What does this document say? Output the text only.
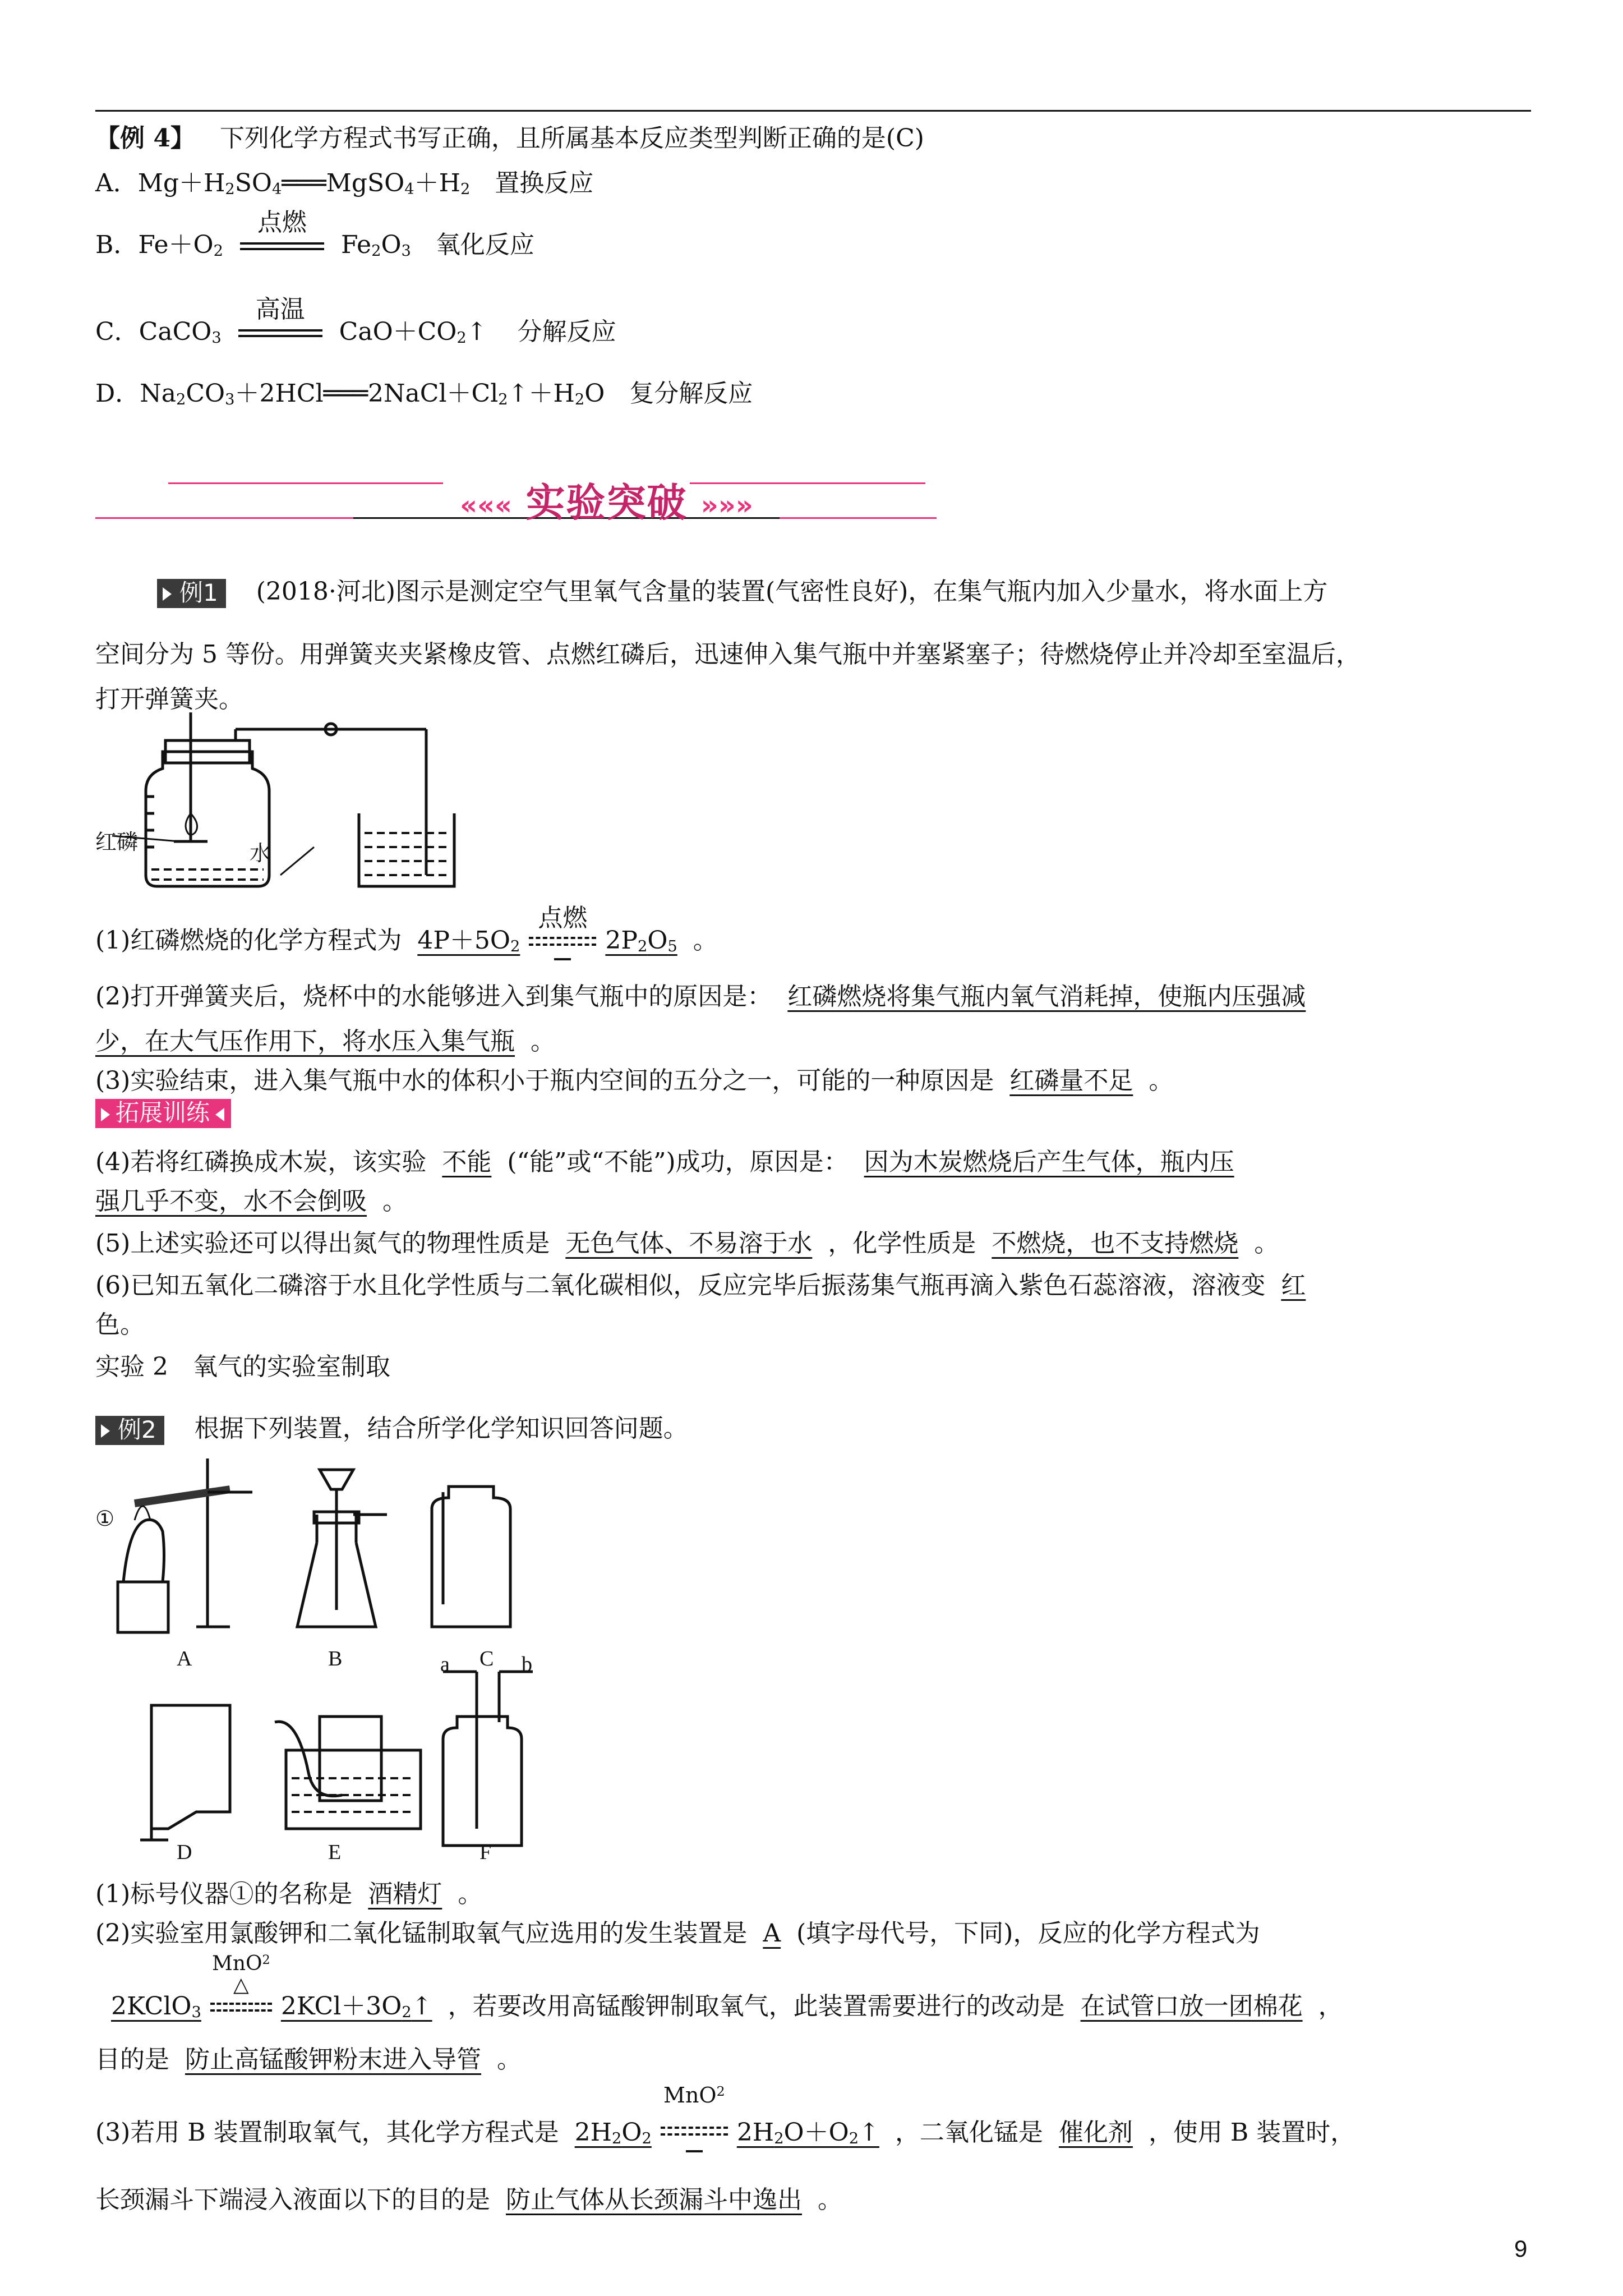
【例 4】 下列化学方程式书写正确，且所属基本反应类型判断正确的是(C)
A．$Mg+H_2SO_4═══MgSO_4+H_2$ 置换反应
B．$Fe+O_2$
点燃
$Fe_2O_3$ 氧化反应
C．CaCO$_3$
高温
$CaO+CO_2↑$ 分解反应
D．$Na_2CO_3+2HCl═══2NaCl+Cl_2↑+H_2O$ 复分解反应
««« 实验突破 »»»
例1 (2018·河北)图示是测定空气里氧气含量的装置(气密性良好)，在集气瓶内加入少量水，将水面上方
空间分为 5 等份。用弹簧夹夹紧橡皮管、点燃红磷后，迅速伸入集气瓶中并塞紧塞子；待燃烧停止并冷却至室温后，
打开弹簧夹。
红磷	水
(1)红磷燃烧的化学方程式为 $4P+5O_2$
点燃
$2P_2O_5$ 。
(2)打开弹簧夹后，烧杯中的水能够进入到集气瓶中的原因是： 红磷燃烧将集气瓶内氧气消耗掉，使瓶内压强减
少，在大气压作用下，将水压入集气瓶 。
(3)实验结束，进入集气瓶中水的体积小于瓶内空间的五分之一，可能的一种原因是 红磷量不足 。
拓展训练
(4)若将红磷换成木炭，该实验 不能 (“能”或“不能”)成功，原因是： 因为木炭燃烧后产生气体，瓶内压
强几乎不变，水不会倒吸 。
(5)上述实验还可以得出氮气的物理性质是 无色气体、不易溶于水 ，化学性质是 不燃烧，也不支持燃烧 。
(6)已知五氧化二磷溶于水且化学性质与二氧化碳相似，反应完毕后振荡集气瓶再滴入紫色石蕊溶液，溶液变 红
色。
实验 2　氧气的实验室制取
例2 根据下列装置，结合所学化学知识回答问题。
①
A	B	C
D	E	F
a	b
(1)标号仪器①的名称是 酒精灯 。
(2)实验室用氯酸钾和二氧化锰制取氧气应选用的发生装置是 A (填字母代号，下同)，反应的化学方程式为
2KClO$_3$
MnO$^2$
△
$2KCl+3O_2↑$ ，若要改用高锰酸钾制取氧气，此装置需要进行的改动是 在试管口放一团棉花 ，
目的是 防止高锰酸钾粉末进入导管 。
(3)若用 B 装置制取氧气，其化学方程式是 $2H_2O_2$
MnO$^2$
$2H_2O+O_2↑$ ，二氧化锰是 催化剂 ，使用 B 装置时，
长颈漏斗下端浸入液面以下的目的是 防止气体从长颈漏斗中逸出 。
9
